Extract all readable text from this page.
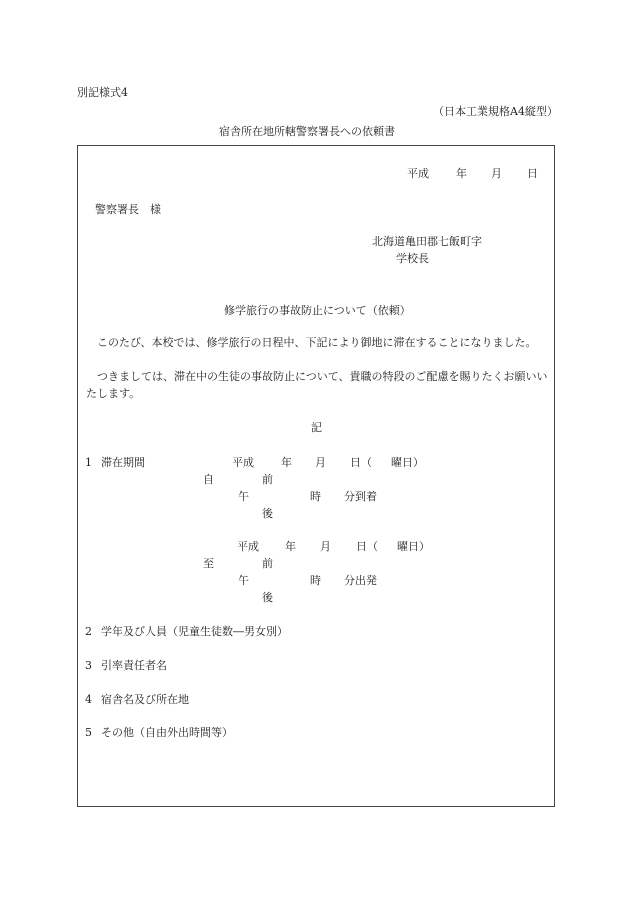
別記様式4
（日本工業規格A4縦型）
宿舎所在地所轄警察署長への依頼書
平成 年 月 日
警察署長　様
北海道亀田郡七飯町字
学校長
修学旅行の事故防止について（依頼）
このたび、本校では、修学旅行の日程中、下記により御地に滞在することになりました。
つきましては、滞在中の生徒の事故防止について、貴職の特段のご配慮を賜りたくお願いいたします。
記
1 滞在期間	平成 年 月 日（ 曜日）
自	前
午	時 分到着
後
平成 年 月 日（ 曜日）
至	前
午	時 分出発
後
2 学年及び人員（児童生徒数―男女別）
3 引率責任者名
4 宿舎名及び所在地
5 その他（自由外出時間等）
